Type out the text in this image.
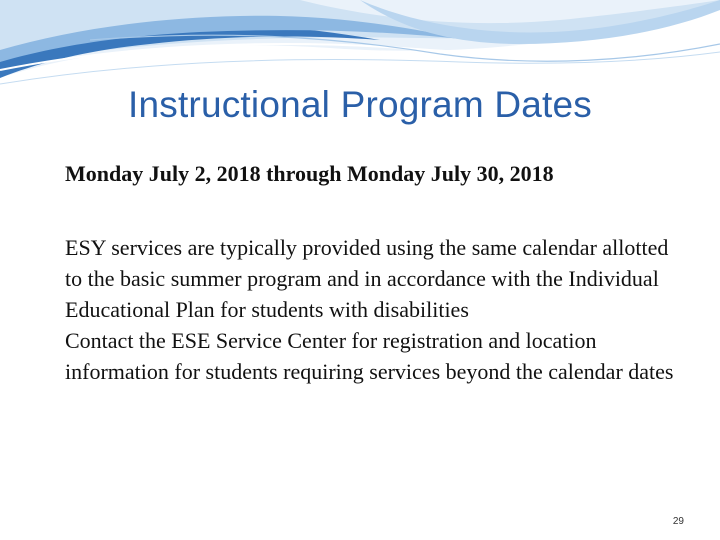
Instructional Program Dates

Monday July 2, 2018 through Monday July 30, 2018

ESY services are typically provided using the same calendar allotted to the basic summer program and in accordance with the Individual Educational Plan for students with disabilities

Contact the ESE Service Center for registration and location information for students requiring services beyond the calendar dates

29
